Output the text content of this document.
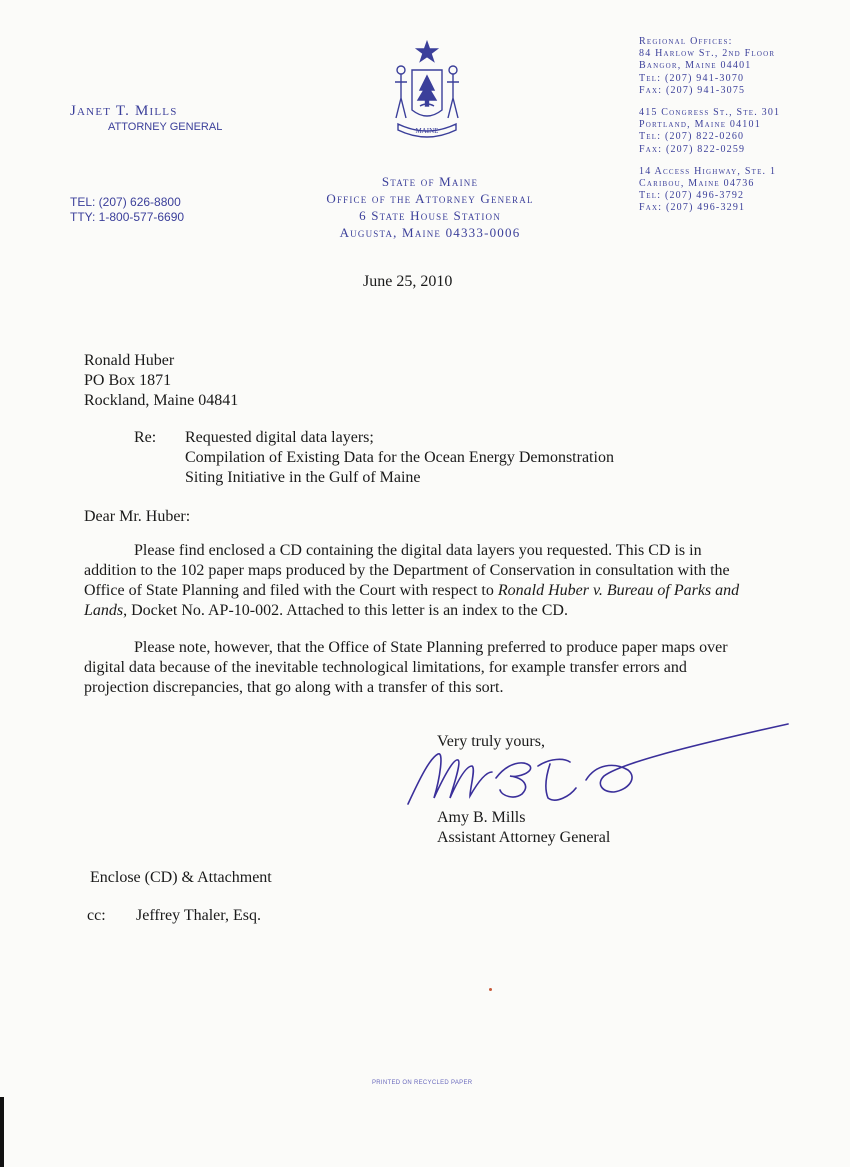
Janet T. Mills
ATTORNEY GENERAL
TEL: (207) 626-8800
TTY: 1-800-577-6690
MAINE
State of Maine
Office of the Attorney General
6 State House Station
Augusta, Maine 04333-0006
Regional Offices:
84 Harlow St., 2nd Floor
Bangor, Maine 04401
Tel: (207) 941-3070
Fax: (207) 941-3075
415 Congress St., Ste. 301
Portland, Maine 04101
Tel: (207) 822-0260
Fax: (207) 822-0259
14 Access Highway, Ste. 1
Caribou, Maine 04736
Tel: (207) 496-3792
Fax: (207) 496-3291
June 25, 2010
Ronald Huber
PO Box 1871
Rockland, Maine 04841
Re: Requested digital data layers;
Compilation of Existing Data for the Ocean Energy Demonstration
Siting Initiative in the Gulf of Maine
Dear Mr. Huber:
Please find enclosed a CD containing the digital data layers you requested. This CD is in addition to the 102 paper maps produced by the Department of Conservation in consultation with the Office of State Planning and filed with the Court with respect to Ronald Huber v. Bureau of Parks and Lands, Docket No. AP-10-002. Attached to this letter is an index to the CD.
Please note, however, that the Office of State Planning preferred to produce paper maps over digital data because of the inevitable technological limitations, for example transfer errors and projection discrepancies, that go along with a transfer of this sort.
Very truly yours,
Amy B. Mills
Assistant Attorney General
Enclose (CD) & Attachment
cc: Jeffrey Thaler, Esq.
PRINTED ON RECYCLED PAPER
